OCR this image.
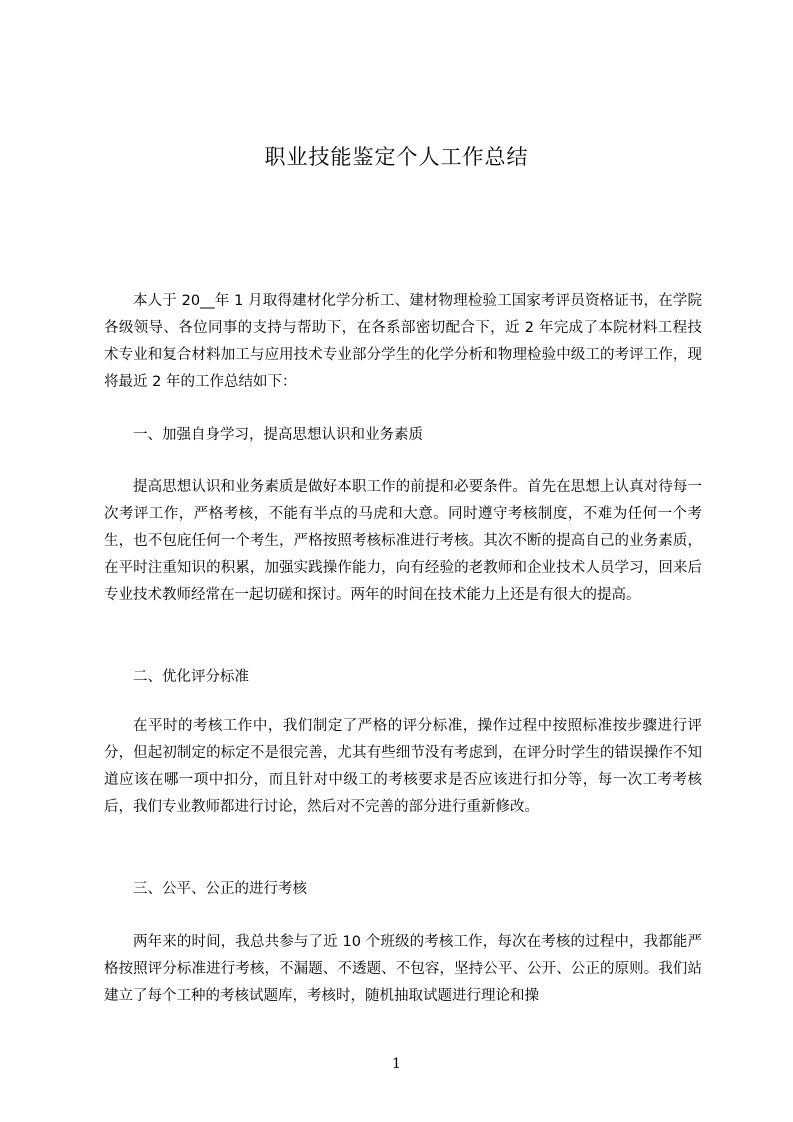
职业技能鉴定个人工作总结

本人于 20__年 1 月取得建材化学分析工、建材物理检验工国家考评员资格证书，在学院各级领导、各位同事的支持与帮助下，在各系部密切配合下，近 2 年完成了本院材料工程技术专业和复合材料加工与应用技术专业部分学生的化学分析和物理检验中级工的考评工作，现将最近 2 年的工作总结如下：

一、加强自身学习，提高思想认识和业务素质

提高思想认识和业务素质是做好本职工作的前提和必要条件。首先在思想上认真对待每一次考评工作，严格考核，不能有半点的马虎和大意。同时遵守考核制度，不难为任何一个考生，也不包庇任何一个考生，严格按照考核标准进行考核。其次不断的提高自己的业务素质，在平时注重知识的积累，加强实践操作能力，向有经验的老教师和企业技术人员学习，回来后专业技术教师经常在一起切磋和探讨。两年的时间在技术能力上还是有很大的提高。

二、优化评分标准

在平时的考核工作中，我们制定了严格的评分标准，操作过程中按照标准按步骤进行评分，但起初制定的标定不是很完善，尤其有些细节没有考虑到，在评分时学生的错误操作不知道应该在哪一项中扣分，而且针对中级工的考核要求是否应该进行扣分等，每一次工考考核后，我们专业教师都进行讨论，然后对不完善的部分进行重新修改。

三、公平、公正的进行考核

两年来的时间，我总共参与了近 10 个班级的考核工作，每次在考核的过程中，我都能严格按照评分标准进行考核，不漏题、不透题、不包容，坚持公平、公开、公正的原则。我们站建立了每个工种的考核试题库，考核时，随机抽取试题进行理论和操

1
